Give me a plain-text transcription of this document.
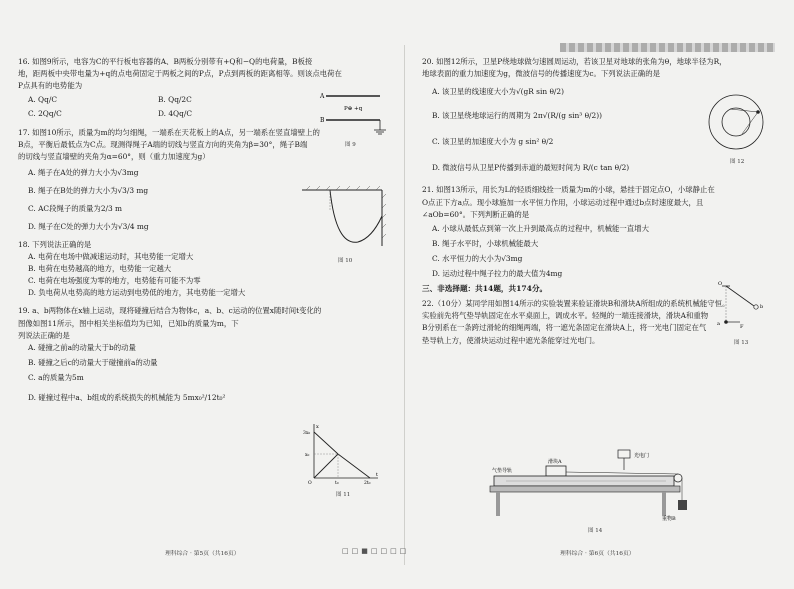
16. 如图9所示，电容为C的平行板电容器的A、B两板分别带有+Q和−Q的电荷量，B板接

地，距两板中央带电量为+q的点电荷固定于两板之间的P点，P点到两板的距离相等。则该点电荷在

P点具有的电势能为

A. Qq/C	B. Qq/2C
C. 2Qq/C	D. 4Qq/C

17. 如图10所示，质量为m的均匀细绳，一端系在天花板上的A点，另一端系在竖直墙壁上的

B点，平衡后最低点为C点。现测得绳子A端的切线与竖直方向的夹角为β=30°，绳子B端

的切线与竖直墙壁的夹角为α=60°，则（重力加速度为g）

A. 绳子在A处的弹力大小为√3mg

B. 绳子在B处的弹力大小为√3/3 mg

C. AC段绳子的质量为2/3 m

D. 绳子在C处的弹力大小为√3/4 mg

18. 下列说法正确的是

A. 电荷在电场中做减速运动时，其电势能一定增大

B. 电荷在电势越高的地方，电势能一定越大

C. 电荷在电场强度为零的地方，电势能有可能不为零

D. 负电荷从电势高的地方运动到电势低的地方，其电势能一定增大

19. a、b两物体在x轴上运动，现将碰撞后结合为物体c，a、b、c运动的位置x随时间t变化的

图像如图11所示，图中相关坐标值均为已知，已知b的质量为m，下

列说法正确的是

A. 碰撞之前a的动量大于b的动量

B. 碰撞之后c的动量大于碰撞前a的动量

C. a的质量为5m

D. 碰撞过程中a、b组成的系统损失的机械能为 5mx₀²/12t₀²

A
B
P⊕ +q
图 9
图 10
t
x
3x₀
x₀
t₀	2t₀
O
图 11
理科综合 · 第5页（共16页）	□□■□□□□

20. 如图12所示，卫星P绕地球做匀速圆周运动，若该卫星对地球的张角为θ，地球半径为R，

地球表面的重力加速度为g，微波信号的传播速度为c。下列说法正确的是

A. 该卫星的线速度大小为√(gR sin θ/2)

B. 该卫星绕地球运行的周期为 2π√(R/(g sin³ θ/2))

C. 该卫星的加速度大小为 g sin² θ/2

D. 微波信号从卫星P传播到赤道的最短时间为 R/(c tan θ/2)

21. 如图13所示，用长为L的轻质细线拴一质量为m的小球，悬挂于固定点O，小球静止在

O点正下方a点。现小球施加一水平恒力作用，小球运动过程中通过b点时速度最大，且

∠aOb=60°。下列判断正确的是

A. 小球从最低点到第一次上升到最高点的过程中，机械能一直增大

B. 绳子水平时，小球机械能最大

C. 水平恒力的大小为√3mg

D. 运动过程中绳子拉力的最大值为4mg

三、非选择题：共14题，共174分。

22.（10分）某同学用如图14所示的实验装置来验证滑块B和滑块A所组成的系统机械能守恒。

实验前先将气垫导轨固定在水平桌面上，调成水平。轻绳的一端连接滑块，滑块A和重物

B分别系在一条跨过滑轮的细绳两端，将一遮光条固定在滑块A上，将一光电门固定在气

垫导轨上方，使滑块运动过程中遮光条能穿过光电门。

图 12
O
a
b
F
图 13
光电门
气垫导轨
滑块A
重物B
图 14
理科综合 · 第6页（共16页）
